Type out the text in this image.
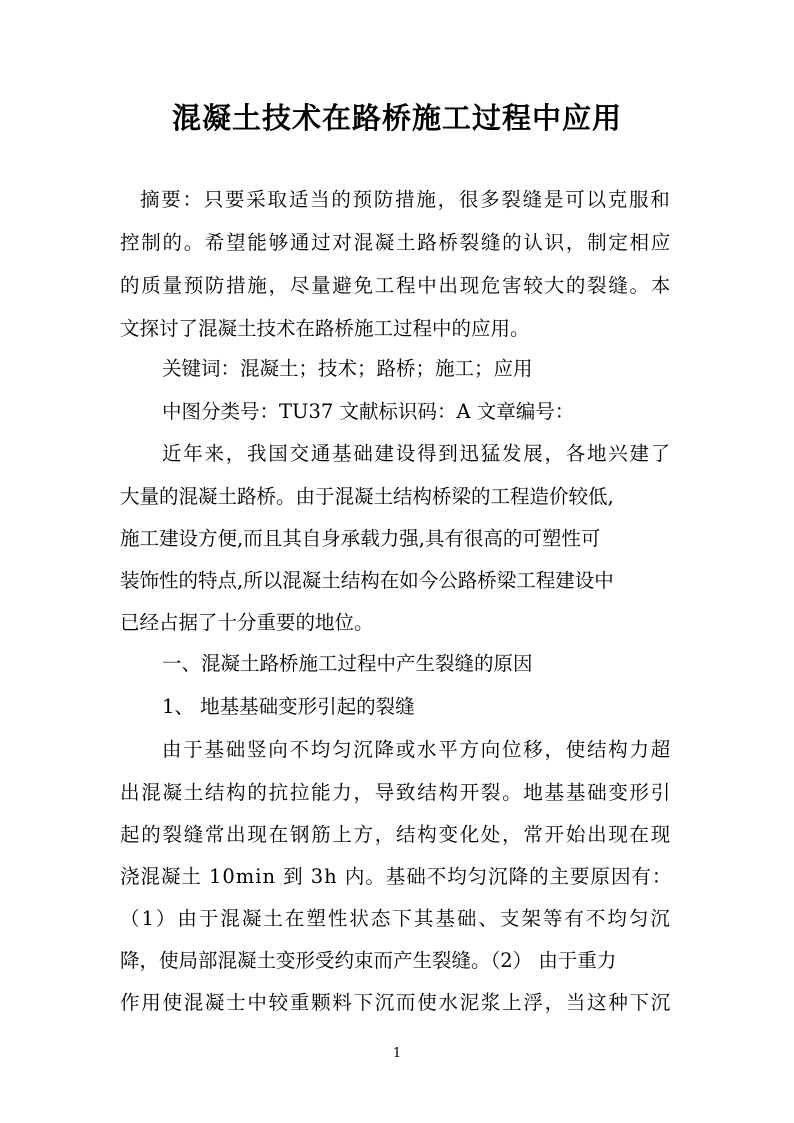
混凝土技术在路桥施工过程中应用
摘要：只要采取适当的预防措施，很多裂缝是可以克服和
控制的。希望能够通过对混凝土路桥裂缝的认识，制定相应
的质量预防措施，尽量避免工程中出现危害较大的裂缝。本
文探讨了混凝土技术在路桥施工过程中的应用。
关键词：混凝土；技术；路桥；施工；应用
中图分类号：TU37 文献标识码：A 文章编号：
近年来，我国交通基础建设得到迅猛发展，各地兴建了
大量的混凝土路桥。由于混凝土结构桥梁的工程造价较低,
施工建设方便,而且其自身承载力强,具有很高的可塑性可
装饰性的特点,所以混凝土结构在如今公路桥梁工程建设中
已经占据了十分重要的地位。
一、混凝土路桥施工过程中产生裂缝的原因
1、 地基基础变形引起的裂缝
由于基础竖向不均匀沉降或水平方向位移，使结构力超
出混凝土结构的抗拉能力，导致结构开裂。地基基础变形引
起的裂缝常出现在钢筋上方，结构变化处，常开始出现在现
浇混凝土 10min 到 3h 内。基础不均匀沉降的主要原因有：
（1）由于混凝土在塑性状态下其基础、支架等有不均匀沉
降，使局部混凝土变形受约束而产生裂缝。（2） 由于重力
作用使混凝士中较重颗料下沉而使水泥浆上浮，当这种下沉
1
